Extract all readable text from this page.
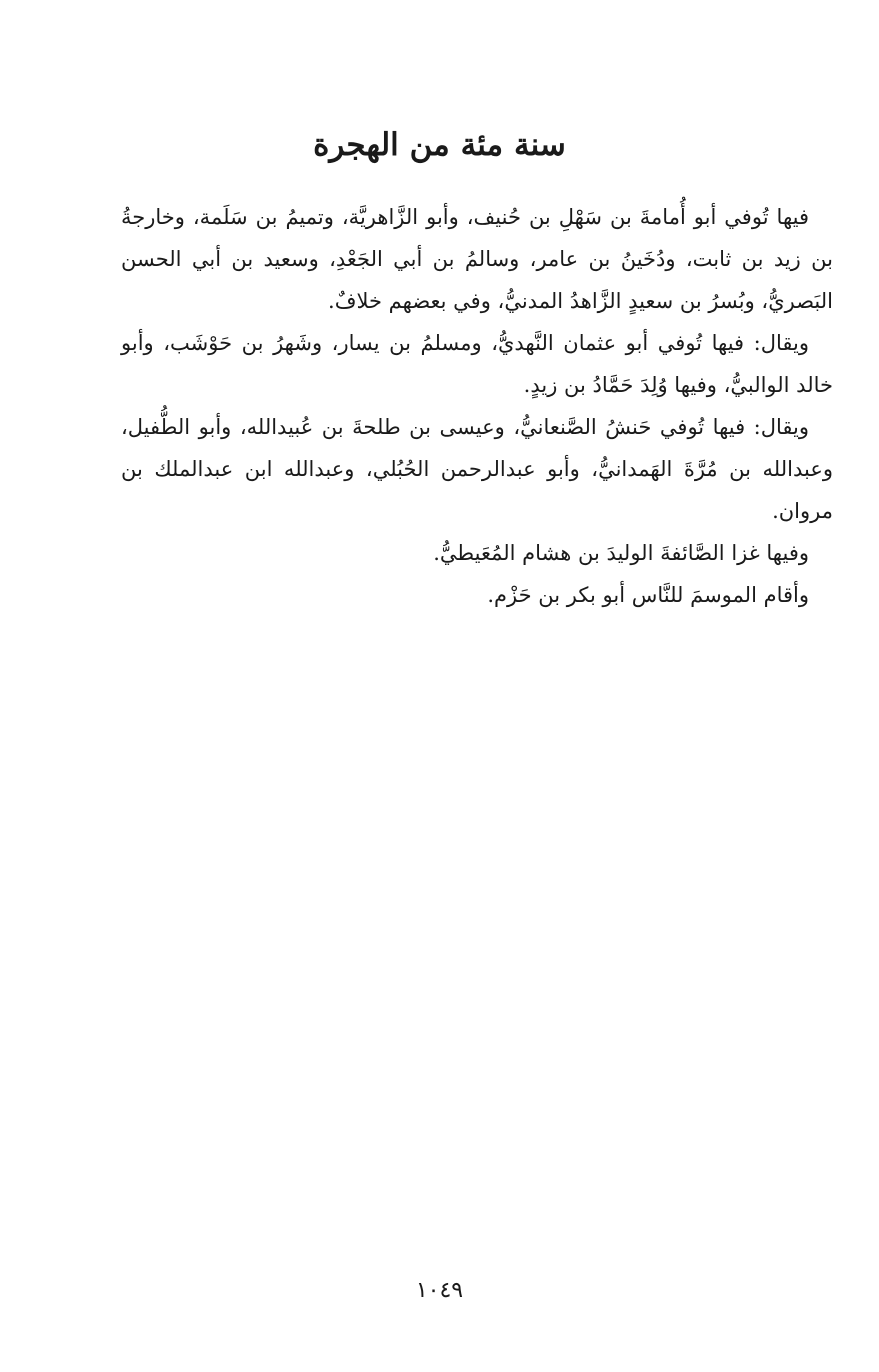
سنة مئة من الهجرة

فيها تُوفي أبو أُمامةَ بن سَهْلِ بن حُنيف، وأبو الزَّاهريَّة، وتميمُ بن سَلَمة، وخارجةُ بن زيد بن ثابت، ودُخَينُ بن عامر، وسالمُ بن أبي الجَعْدِ، وسعيد بن أبي الحسن البَصريُّ، وبُسرُ بن سعيدٍ الزَّاهدُ المدنيُّ، وفي بعضهم خلافٌ.

ويقال: فيها تُوفي أبو عثمان النَّهديُّ، ومسلمُ بن يسار، وشَهرُ بن حَوْشَب، وأبو خالد الوالبيُّ، وفيها وُلِدَ حَمَّادُ بن زيدٍ.

ويقال: فيها تُوفي حَنشُ الصَّنعانيُّ، وعيسى بن طلحةَ بن عُبيدالله، وأبو الطُّفيل، وعبدالله بن مُرَّةَ الهَمدانيُّ، وأبو عبدالرحمن الحُبُلي، وعبدالله ابن عبدالملك بن مروان.

وفيها غزا الصَّائفةَ الوليدَ بن هشام المُعَيطيُّ.

وأقام الموسمَ للنَّاس أبو بكر بن حَزْم.

١٠٤٩
